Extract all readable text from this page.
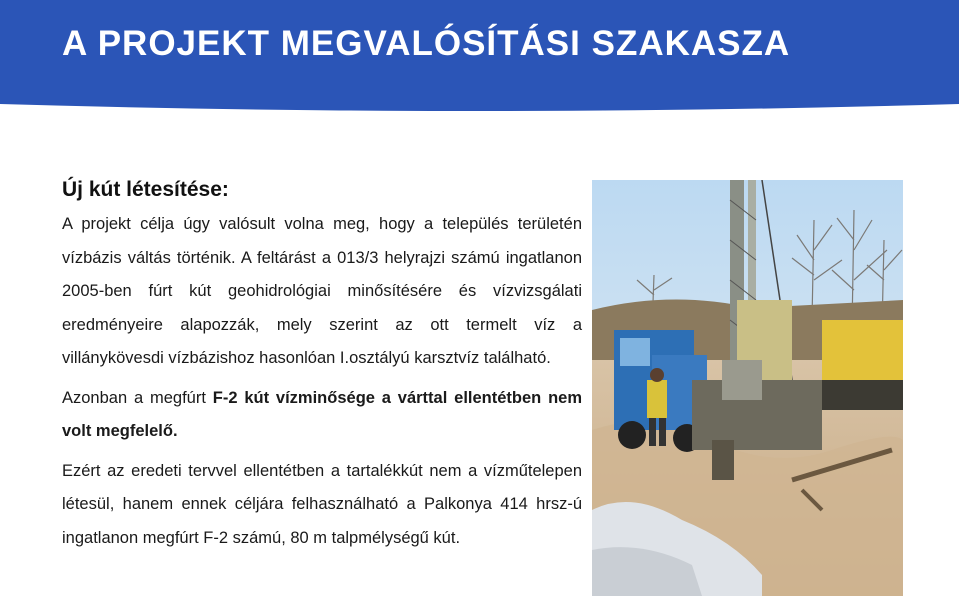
A PROJEKT MEGVALÓSÍTÁSI SZAKASZA
Új kút létesítése:

A projekt célja úgy valósult volna meg, hogy a település területén vízbázis váltás történik. A feltárást a 013/3 helyrajzi számú ingatlanon 2005-ben fúrt kút geohidrológiai minősítésére és vízvizsgálati eredményeire alapozzák, mely szerint az ott termelt víz a villánykövesdi vízbázishoz hasonlóan I.osztályú karsztvíz található.

Azonban a megfúrt F-2 kút vízminősége a várttal ellentétben nem volt megfelelő.

Ezért az eredeti tervvel ellentétben a tartalékkút nem a vízműtelepen létesül, hanem ennek céljára felhasználható a Palkonya 414 hrsz-ú ingatlanon megfúrt F-2 számú, 80 m talpmélységű kút.
